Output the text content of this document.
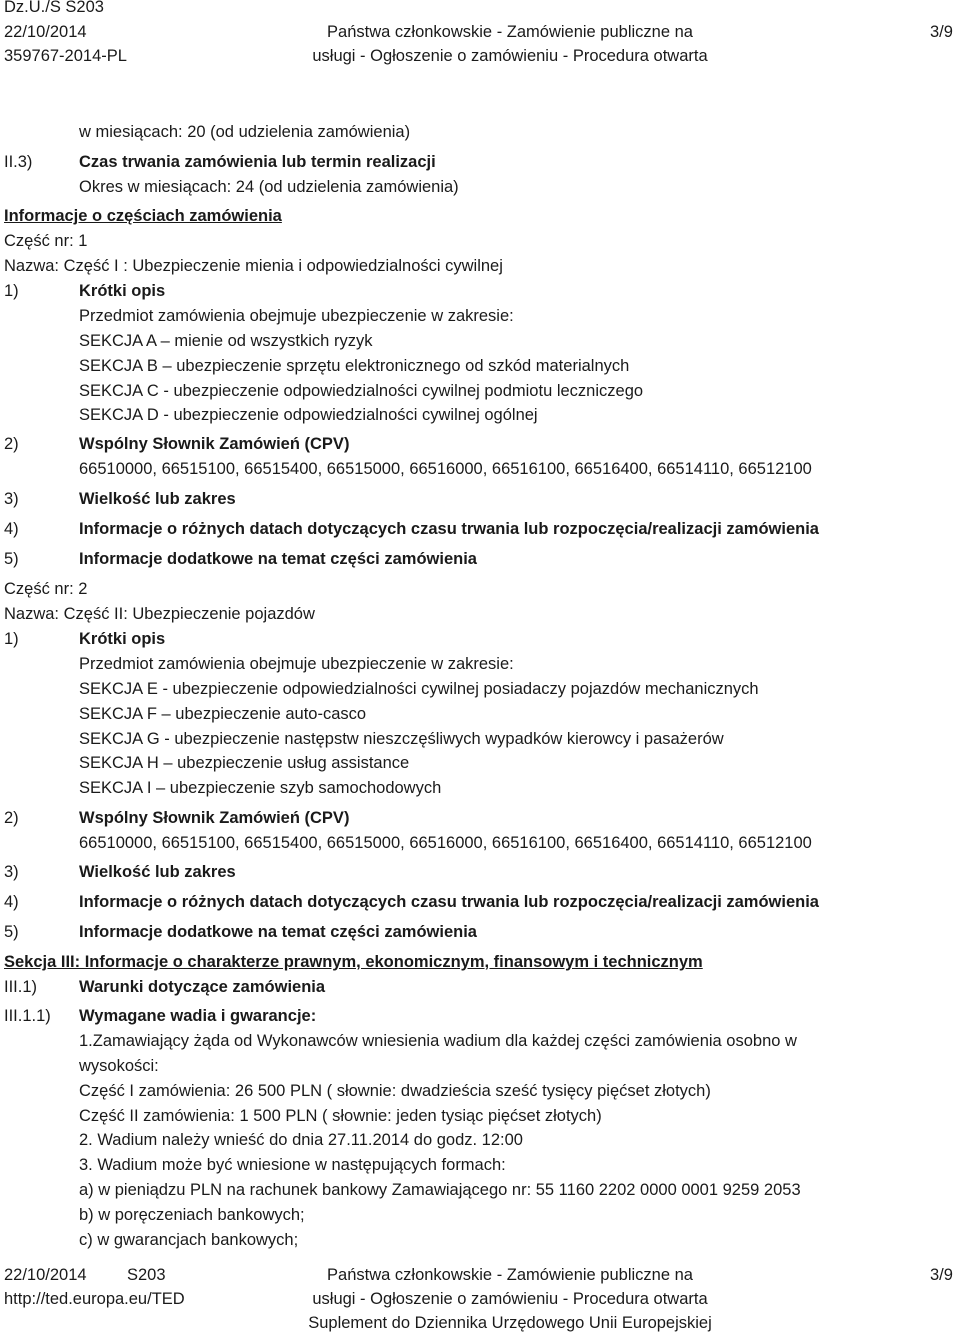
Dz.U./S S203
22/10/2014
359767-2014-PL
Państwa członkowskie - Zamówienie publiczne na
usługi - Ogłoszenie o zamówieniu - Procedura otwarta
3/9
w miesiącach: 20 (od udzielenia zamówienia)
II.3)	Czas trwania zamówienia lub termin realizacji
Okres w miesiącach: 24 (od udzielenia zamówienia)
Informacje o częściach zamówienia
Część nr: 1
Nazwa: Część I : Ubezpieczenie mienia i odpowiedzialności cywilnej
1)	Krótki opis
Przedmiot zamówienia obejmuje ubezpieczenie w zakresie:
SEKCJA A – mienie od wszystkich ryzyk
SEKCJA B – ubezpieczenie sprzętu elektronicznego od szkód materialnych
SEKCJA C - ubezpieczenie odpowiedzialności cywilnej podmiotu leczniczego
SEKCJA D - ubezpieczenie odpowiedzialności cywilnej ogólnej
2)	Wspólny Słownik Zamówień (CPV)
66510000, 66515100, 66515400, 66515000, 66516000, 66516100, 66516400, 66514110, 66512100
3)	Wielkość lub zakres
4)	Informacje o różnych datach dotyczących czasu trwania lub rozpoczęcia/realizacji zamówienia
5)	Informacje dodatkowe na temat części zamówienia
Część nr: 2
Nazwa: Część II: Ubezpieczenie pojazdów
1)	Krótki opis
Przedmiot zamówienia obejmuje ubezpieczenie w zakresie:
SEKCJA E - ubezpieczenie odpowiedzialności cywilnej posiadaczy pojazdów mechanicznych
SEKCJA F – ubezpieczenie auto-casco
SEKCJA G - ubezpieczenie następstw nieszczęśliwych wypadków kierowcy i pasażerów
SEKCJA H – ubezpieczenie usług assistance
SEKCJA I – ubezpieczenie szyb samochodowych
2)	Wspólny Słownik Zamówień (CPV)
66510000, 66515100, 66515400, 66515000, 66516000, 66516100, 66516400, 66514110, 66512100
3)	Wielkość lub zakres
4)	Informacje o różnych datach dotyczących czasu trwania lub rozpoczęcia/realizacji zamówienia
5)	Informacje dodatkowe na temat części zamówienia
Sekcja III: Informacje o charakterze prawnym, ekonomicznym, finansowym i technicznym
III.1)	Warunki dotyczące zamówienia
III.1.1) Wymagane wadia i gwarancje:
1.Zamawiający żąda od Wykonawców wniesienia wadium dla każdej części zamówienia osobno w
wysokości:
Część I zamówienia: 26 500 PLN ( słownie: dwadzieścia sześć tysięcy pięćset złotych)
Część II zamówienia: 1 500 PLN ( słownie: jeden tysiąc pięćset złotych)
2. Wadium należy wnieść do dnia 27.11.2014 do godz. 12:00
3. Wadium może być wniesione w następujących formach:
a) w pieniądzu PLN na rachunek bankowy Zamawiającego nr: 55 1160 2202 0000 0001 9259 2053
b) w poręczeniach bankowych;
c) w gwarancjach bankowych;
22/10/2014 S203
http://ted.europa.eu/TED
Państwa członkowskie - Zamówienie publiczne na
usługi - Ogłoszenie o zamówieniu - Procedura otwarta
Suplement do Dziennika Urzędowego Unii Europejskiej
3/9
